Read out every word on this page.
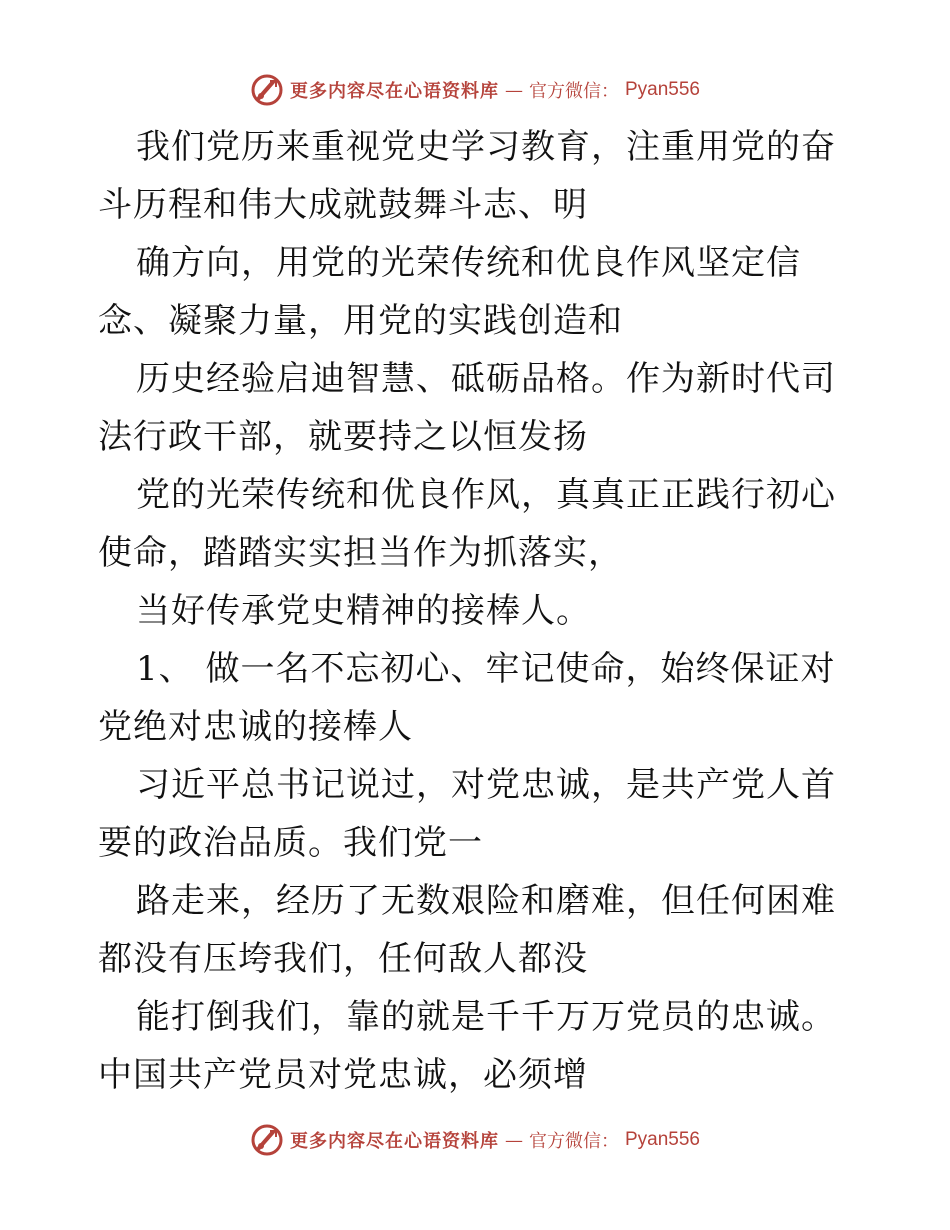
更多内容尽在心语资料库 — 官方微信： Pyan556

我们党历来重视党史学习教育，注重用党的奋斗历程和伟大成就鼓舞斗志、明

确方向，用党的光荣传统和优良作风坚定信念、凝聚力量，用党的实践创造和

历史经验启迪智慧、砥砺品格。作为新时代司法行政干部，就要持之以恒发扬

党的光荣传统和优良作风，真真正正践行初心使命，踏踏实实担当作为抓落实，

当好传承党史精神的接棒人。

1、 做一名不忘初心、牢记使命，始终保证对党绝对忠诚的接棒人

习近平总书记说过，对党忠诚，是共产党人首要的政治品质。我们党一

路走来，经历了无数艰险和磨难，但任何困难都没有压垮我们，任何敌人都没

能打倒我们，靠的就是千千万万党员的忠诚。中国共产党员对党忠诚，必须增

更多内容尽在心语资料库 — 官方微信： Pyan556
